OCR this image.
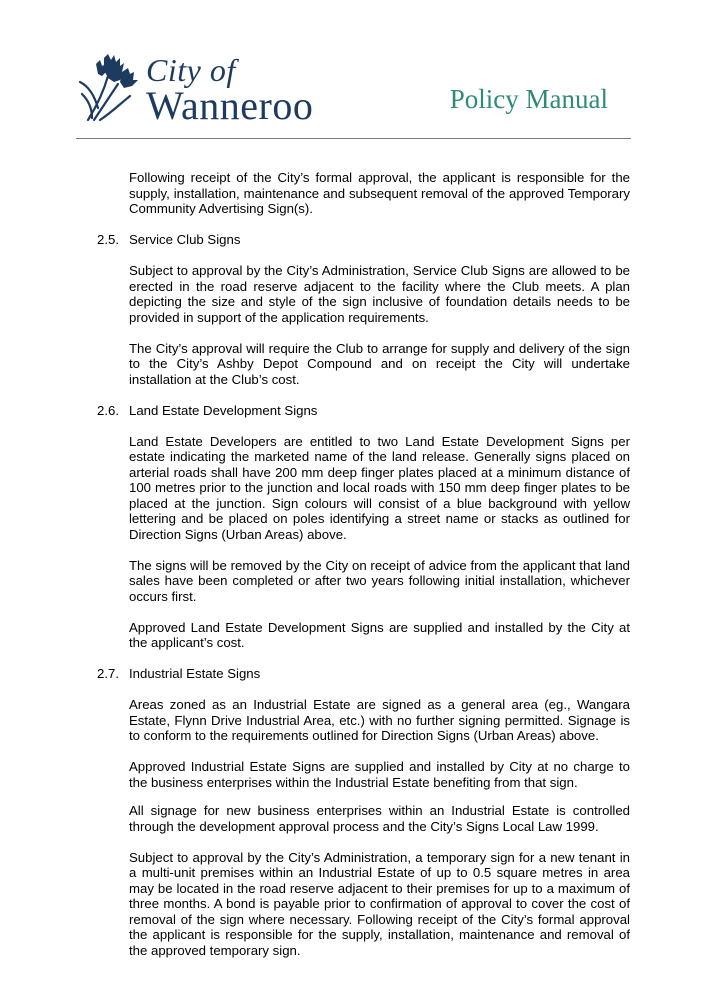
City of
Wanneroo	Policy Manual

Following receipt of the City’s formal approval, the applicant is responsible for the supply, installation, maintenance and subsequent removal of the approved Temporary Community Advertising Sign(s).

2.5. Service Club Signs

Subject to approval by the City’s Administration, Service Club Signs are allowed to be erected in the road reserve adjacent to the facility where the Club meets. A plan depicting the size and style of the sign inclusive of foundation details needs to be provided in support of the application requirements.

The City’s approval will require the Club to arrange for supply and delivery of the sign to the City’s Ashby Depot Compound and on receipt the City will undertake installation at the Club’s cost.

2.6. Land Estate Development Signs

Land Estate Developers are entitled to two Land Estate Development Signs per estate indicating the marketed name of the land release. Generally signs placed on arterial roads shall have 200 mm deep finger plates placed at a minimum distance of 100 metres prior to the junction and local roads with 150 mm deep finger plates to be placed at the junction. Sign colours will consist of a blue background with yellow lettering and be placed on poles identifying a street name or stacks as outlined for Direction Signs (Urban Areas) above.

The signs will be removed by the City on receipt of advice from the applicant that land sales have been completed or after two years following initial installation, whichever occurs first.

Approved Land Estate Development Signs are supplied and installed by the City at the applicant’s cost.

2.7. Industrial Estate Signs

Areas zoned as an Industrial Estate are signed as a general area (eg., Wangara Estate, Flynn Drive Industrial Area, etc.) with no further signing permitted. Signage is to conform to the requirements outlined for Direction Signs (Urban Areas) above.

Approved Industrial Estate Signs are supplied and installed by City at no charge to the business enterprises within the Industrial Estate benefiting from that sign.

All signage for new business enterprises within an Industrial Estate is controlled through the development approval process and the City’s Signs Local Law 1999.

Subject to approval by the City’s Administration, a temporary sign for a new tenant in a multi-unit premises within an Industrial Estate of up to 0.5 square metres in area may be located in the road reserve adjacent to their premises for up to a maximum of three months. A bond is payable prior to confirmation of approval to cover the cost of removal of the sign where necessary. Following receipt of the City’s formal approval the applicant is responsible for the supply, installation, maintenance and removal of the approved temporary sign.
